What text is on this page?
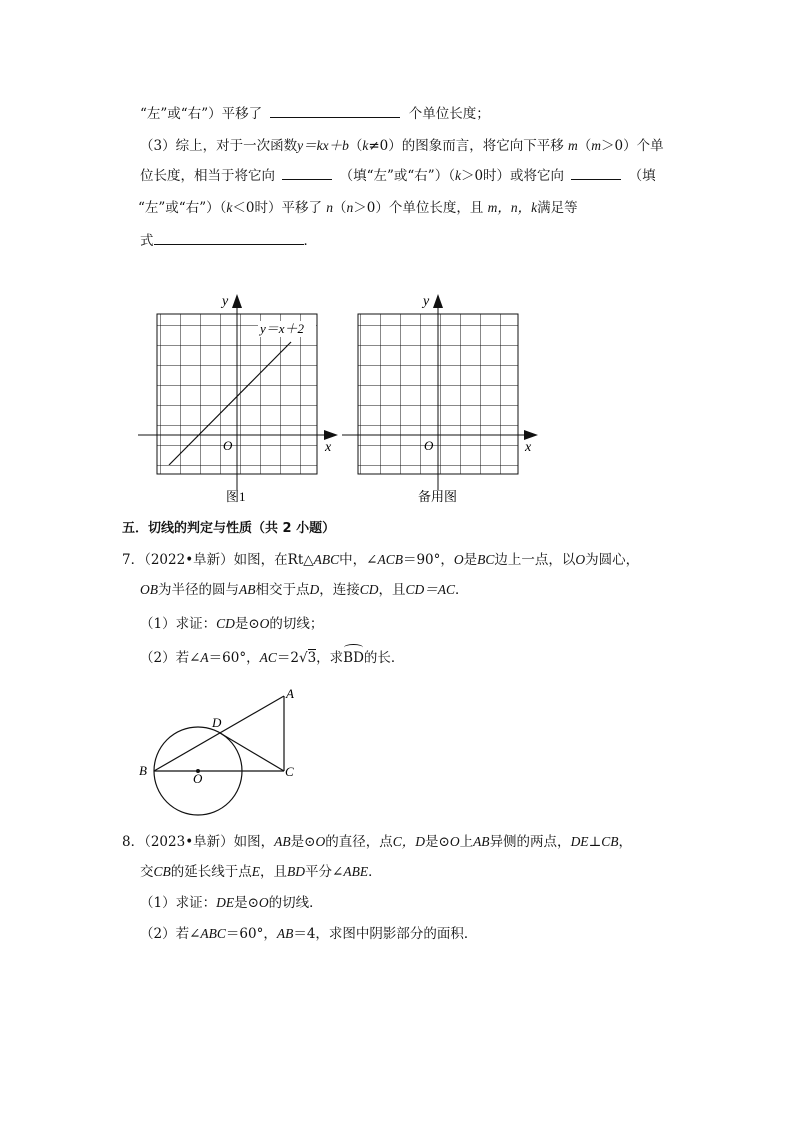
“左”或“右”）平移了	个单位长度；
（3）综上，对于一次函数y＝kx＋b（k≠0）的图象而言，将它向下平移 m（m＞0）个单
位长度，相当于将它向	（填“左”或“右”）（k＞0时）或将它向	（填
“左”或“右”）（k＜0时）平移了 n（n＞0）个单位长度，且 m，n，k满足等
式	．
y＝x＋2
y
x
O
图1
y
x
O
备用图
五．切线的判定与性质（共 2 小题）
7．（2022•阜新）如图，在Rt△ABC中，∠ACB＝90°，O是BC边上一点，以O为圆心，
OB为半径的圆与AB相交于点D，连接CD，且CD＝AC．
（1）求证：CD是⊙O的切线；
（2）若∠A＝60°，AC＝2√3，求BD的长．
A
B	C
D
O
8．（2023•阜新）如图，AB是⊙O的直径，点C，D是⊙O上AB异侧的两点，DE⊥CB，
交CB的延长线于点E，且BD平分∠ABE．
（1）求证：DE是⊙O的切线．
（2）若∠ABC＝60°，AB＝4，求图中阴影部分的面积．
